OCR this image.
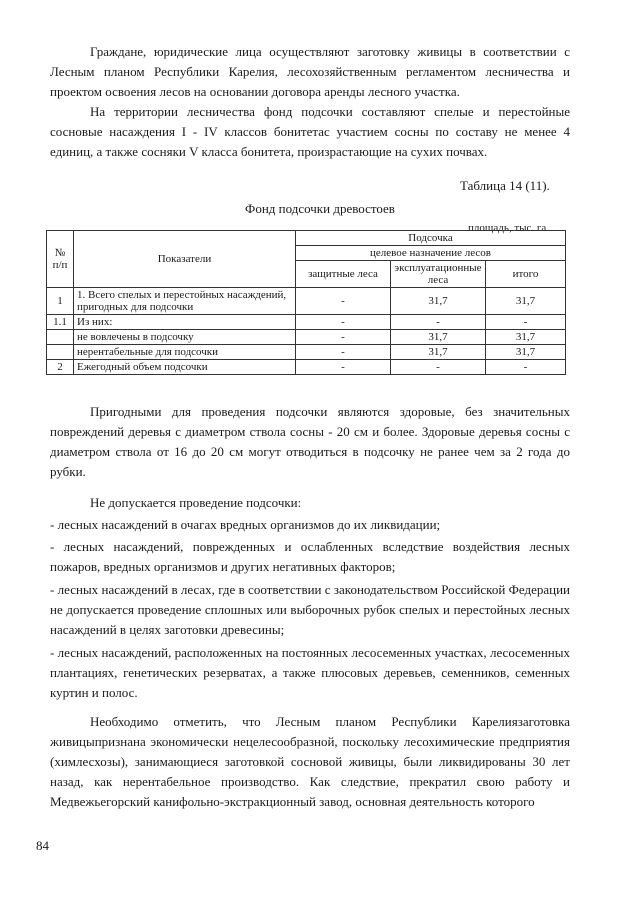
Граждане, юридические лица осуществляют заготовку живицы в соответствии с Лесным планом Республики Карелия, лесохозяйственным регламентом лесничества и проектом освоения лесов на основании договора аренды лесного участка.

На территории лесничества фонд подсочки составляют спелые и перестойные сосновые насаждения I - IV классов бонитетас участием сосны по составу не менее 4 единиц, а также сосняки V класса бонитета, произрастающие на сухих почвах.

Таблица 14 (11).
Фонд подсочки древостоев
площадь, тыс. га
№ п/п	Показатели	Подсочка		
		целевое назначение лесов		
		защитные леса	эксплуатационные леса	итого
1	1. Всего спелых и перестойных насаждений, пригодных для подсочки	-	31,7	31,7
1.1	Из них:	-	-	-
	не вовлечены в подсочку	-	31,7	31,7
	нерентабельные для подсочки	-	31,7	31,7
2	Ежегодный объем подсочки	-	-	-

Пригодными для проведения подсочки являются здоровые, без значительных повреждений деревья с диаметром ствола сосны - 20 см и более. Здоровые деревья сосны с диаметром ствола от 16 до 20 см могут отводиться в подсочку не ранее чем за 2 года до рубки.

Не допускается проведение подсочки:

- лесных насаждений в очагах вредных организмов до их ликвидации;

- лесных насаждений, поврежденных и ослабленных вследствие воздействия лесных пожаров, вредных организмов и других негативных факторов;

- лесных насаждений в лесах, где в соответствии с законодательством Российской Федерации не допускается проведение сплошных или выборочных рубок спелых и перестойных лесных насаждений в целях заготовки древесины;

- лесных насаждений, расположенных на постоянных лесосеменных участках, лесосеменных плантациях, генетических резерватах, а также плюсовых деревьев, семенников, семенных куртин и полос.

Необходимо отметить, что Лесным планом Республики Карелиязаготовка живицыпризнана экономически нецелесообразной, поскольку лесохимические предприятия (химлесхозы), занимающиеся заготовкой сосновой живицы, были ликвидированы 30 лет назад, как нерентабельное производство. Как следствие, прекратил свою работу и Медвежьегорский канифольно-экстракционный завод, основная деятельность которого

84
